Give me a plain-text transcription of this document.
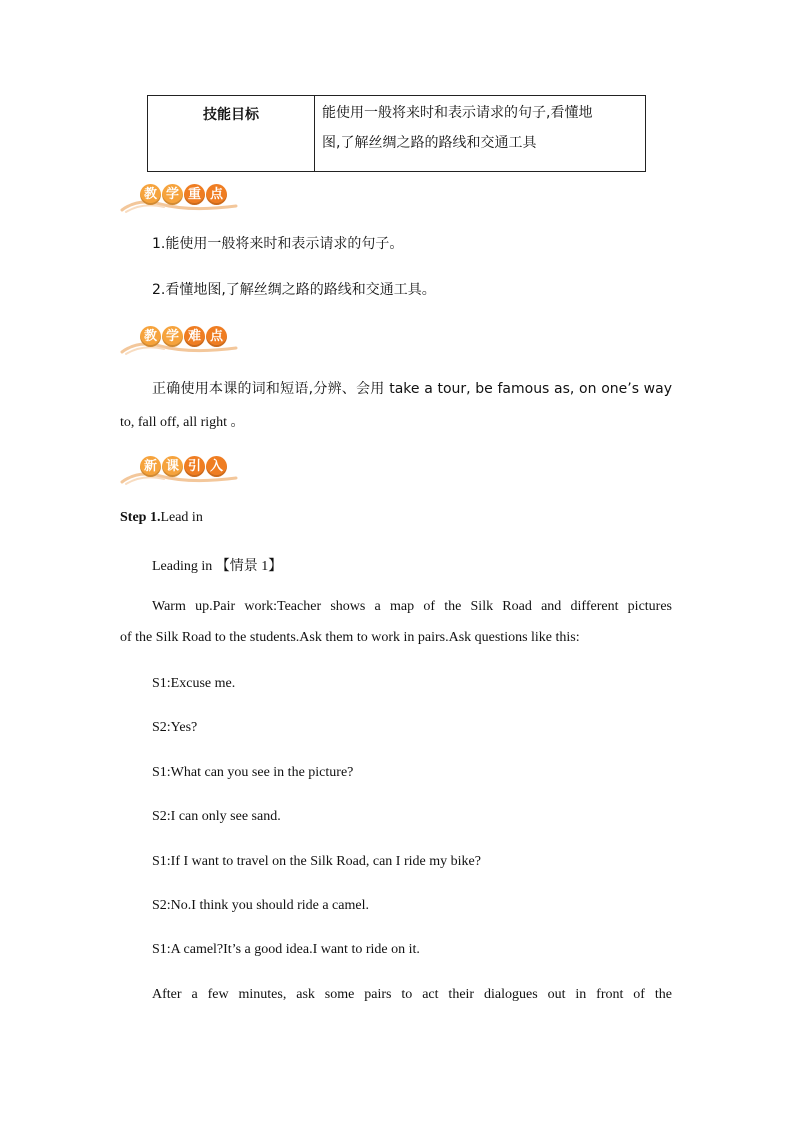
技能目标	能使用一般将来时和表示请求的句子,看懂地
图,了解丝绸之路的路线和交通工具
教 学 重 点
1.能使用一般将来时和表示请求的句子。
2.看懂地图,了解丝绸之路的路线和交通工具。
教 学 难 点
正确使用本课的词和短语,分辨、会用 take a tour, be famous as, on one’s way
to, fall off, all right 。
新 课 引 入
Step 1.Lead in
Leading in 【情景 1】
Warm up.Pair work:Teacher shows a map of the Silk Road and different pictures
of the Silk Road to the students.Ask them to work in pairs.Ask questions like this:
S1:Excuse me.
S2:Yes?
S1:What can you see in the picture?
S2:I can only see sand.
S1:If I want to travel on the Silk Road, can I ride my bike?
S2:No.I think you should ride a camel.
S1:A camel?It’s a good idea.I want to ride on it.
After a few minutes, ask some pairs to act their dialogues out in front of the
